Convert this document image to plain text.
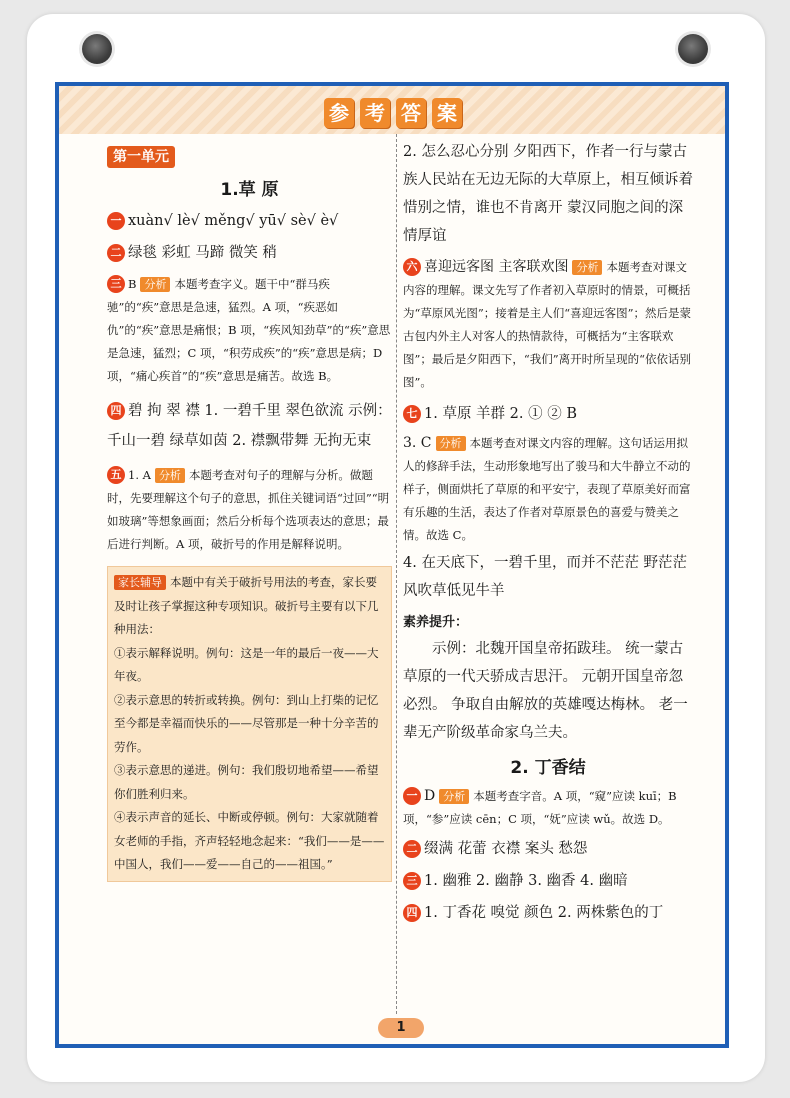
参 考 答 案
第一单元
1.草 原

一 xuàn√ lè√ měng√ yū√ sè√ è√

二 绿毯 彩虹 马蹄 微笑 稍

三 B 分析 本题考查字义。题干中“群马疾驰”的“疾”意思是急速，猛烈。A 项，“疾恶如仇”的“疾”意思是痛恨；B 项，“疾风知劲草”的“疾”意思是急速，猛烈；C 项，“积劳成疾”的“疾”意思是病；D 项，“痛心疾首”的“疾”意思是痛苦。故选 B。

四 碧 拘 翠 襟 1. 一碧千里 翠色欲流 示例：千山一碧 绿草如茵 2. 襟飘带舞 无拘无束

五 1. A 分析 本题考查对句子的理解与分析。做题时，先要理解这个句子的意思，抓住关键词语“过回”“明如玻璃”等想象画面；然后分析每个选项表达的意思；最后进行判断。A 项，破折号的作用是解释说明。

家长辅导 本题中有关于破折号用法的考查，家长要及时让孩子掌握这种专项知识。破折号主要有以下几种用法：

①表示解释说明。例句：这是一年的最后一夜——大年夜。

②表示意思的转折或转换。例句：到山上打柴的记忆至今都是幸福而快乐的——尽管那是一种十分辛苦的劳作。

③表示意思的递进。例句：我们殷切地希望——希望你们胜利归来。

④表示声音的延长、中断或停顿。例句：大家就随着女老师的手指，齐声轻轻地念起来：“我们——是——中国人，我们——爱——自己的——祖国。”

2. 怎么忍心分别 夕阳西下，作者一行与蒙古族人民站在无边无际的大草原上，相互倾诉着惜别之情，谁也不肯离开 蒙汉同胞之间的深情厚谊

六 喜迎远客图 主客联欢图 分析 本题考查对课文内容的理解。课文先写了作者初入草原时的情景，可概括为“草原风光图”；接着是主人们“喜迎远客图”；然后是蒙古包内外主人对客人的热情款待，可概括为“主客联欢图”；最后是夕阳西下，“我们”离开时所呈现的“依依话别图”。

七 1. 草原 羊群 2. ① ② B

3. C 分析 本题考查对课文内容的理解。这句话运用拟人的修辞手法，生动形象地写出了骏马和大牛静立不动的样子，侧面烘托了草原的和平安宁，表现了草原美好而富有乐趣的生活，表达了作者对草原景色的喜爱与赞美之情。故选 C。

4. 在天底下，一碧千里，而并不茫茫 野茫茫 风吹草低见牛羊

素养提升：

示例：北魏开国皇帝拓跋珪。 统一蒙古草原的一代天骄成吉思汗。 元朝开国皇帝忽必烈。 争取自由解放的英雄嘎达梅林。 老一辈无产阶级革命家乌兰夫。

2. 丁香结

一 D 分析 本题考查字音。A 项，“窥”应读 kuī；B 项，“参”应读 cēn；C 项，“妩”应读 wǔ。故选 D。

二 缀满 花蕾 衣襟 案头 愁怨

三 1. 幽雅 2. 幽静 3. 幽香 4. 幽暗

四 1. 丁香花 嗅觉 颜色 2. 两株紫色的丁

1
